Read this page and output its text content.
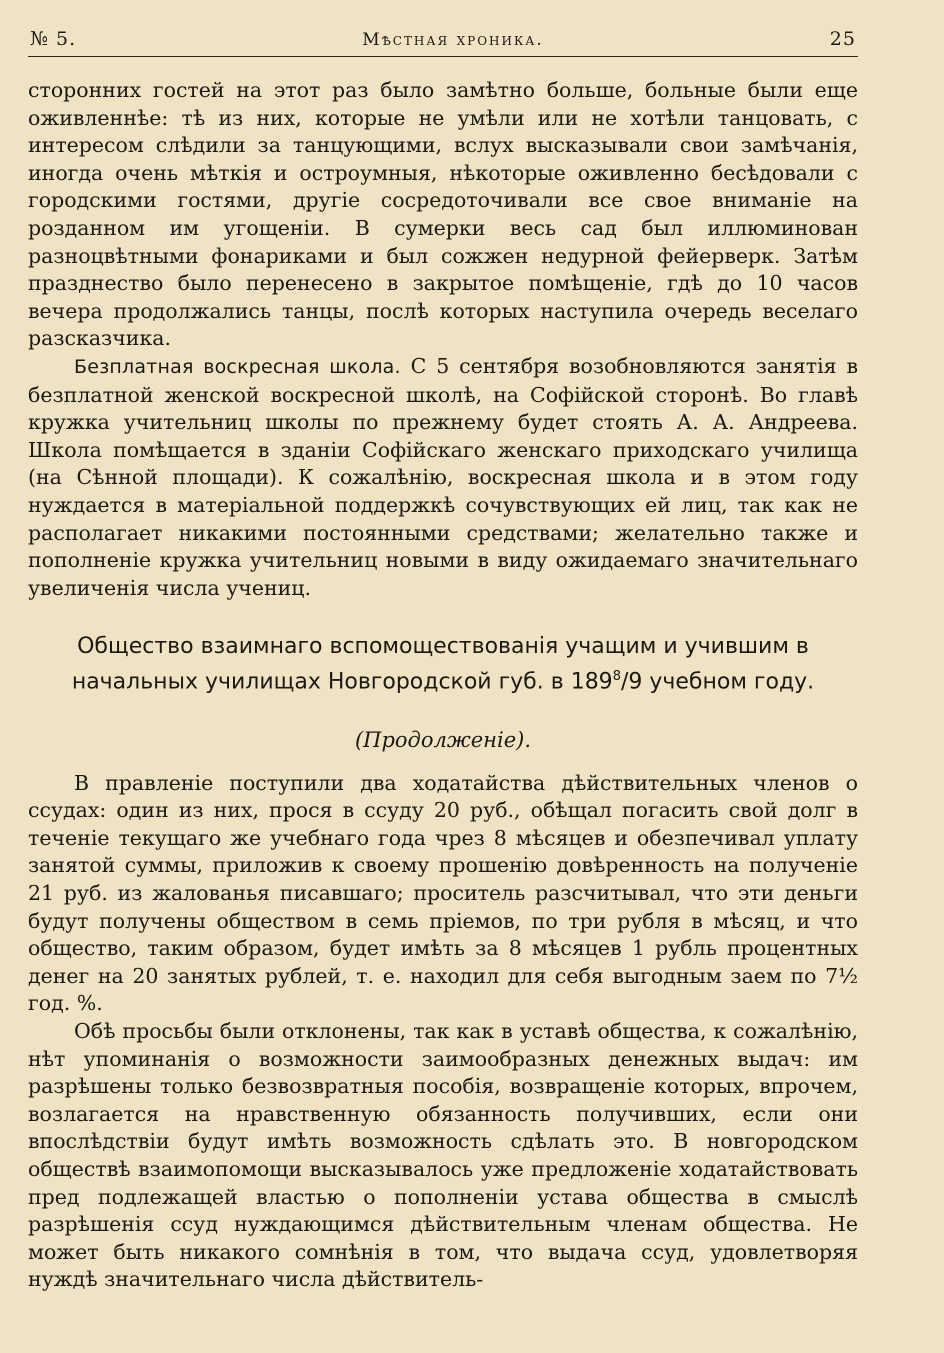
№ 5.	Мѣстная хроника.	25

сторонних гостей на этот раз было замѣтно больше, больные были еще оживленнѣе: тѣ из них, которые не умѣли или не хотѣли танцовать, с интересом слѣдили за танцующими, вслух высказывали свои замѣчанія, иногда очень мѣткія и остроумныя, нѣкоторые оживленно бесѣдовали с городскими гостями, другіе сосредоточивали все свое вниманіе на розданном им угощеніи. В сумерки весь сад был иллюминован разноцвѣтными фонариками и был сожжен недурной фейерверк. Затѣм празднество было перенесено в закрытое помѣщеніе, гдѣ до 10 часов вечера продолжались танцы, послѣ которых наступила очередь веселаго разсказчика.

Безплатная воскресная школа. С 5 сентября возобновляются занятія в безплатной женской воскресной школѣ, на Софійской сторонѣ. Во главѣ кружка учительниц школы по прежнему будет стоять А. А. Андреева. Школа помѣщается в зданіи Софійскаго женскаго приходскаго училища (на Сѣнной площади). К сожалѣнію, воскресная школа и в этом году нуждается в матеріальной поддержкѣ сочувствующих ей лиц, так как не располагает никакими постоянными средствами; желательно также и пополненіе кружка учительниц новыми в виду ожидаемаго значительнаго увеличенія числа учениц.

Общество взаимнаго вспомоществованія учащим и учившим в начальных училищах Новгородской губ. в $189^8/9$ учебном году.
(Продолженіе).

В правленіе поступили два ходатайства дѣйствительных членов о ссудах: один из них, прося в ссуду 20 руб., обѣщал погасить свой долг в теченіе текущаго же учебнаго года чрез 8 мѣсяцев и обезпечивал уплату занятой суммы, приложив к своему прошенію довѣренность на полученіе 21 руб. из жалованья писавшаго; проситель разсчитывал, что эти деньги будут получены обществом в семь пріемов, по три рубля в мѣсяц, и что общество, таким образом, будет имѣть за 8 мѣсяцев 1 рубль процентных денег на 20 занятых рублей, т. е. находил для себя выгодным заем по 7½ год. %.

Обѣ просьбы были отклонены, так как в уставѣ общества, к сожалѣнію, нѣт упоминанія о возможности заимообразных денежных выдач: им разрѣшены только безвозвратныя пособія, возвращеніе которых, впрочем, возлагается на нравственную обязанность получивших, если они впослѣдствіи будут имѣть возможность сдѣлать это. В новгородском обществѣ взаимопомощи высказывалось уже предложеніе ходатайствовать пред подлежащей властью о пополненіи устава общества в смыслѣ разрѣшенія ссуд нуждающимся дѣйствительным членам общества. Не может быть никакого сомнѣнія в том, что выдача ссуд, удовлетворяя нуждѣ значительнаго числа дѣйствитель-
